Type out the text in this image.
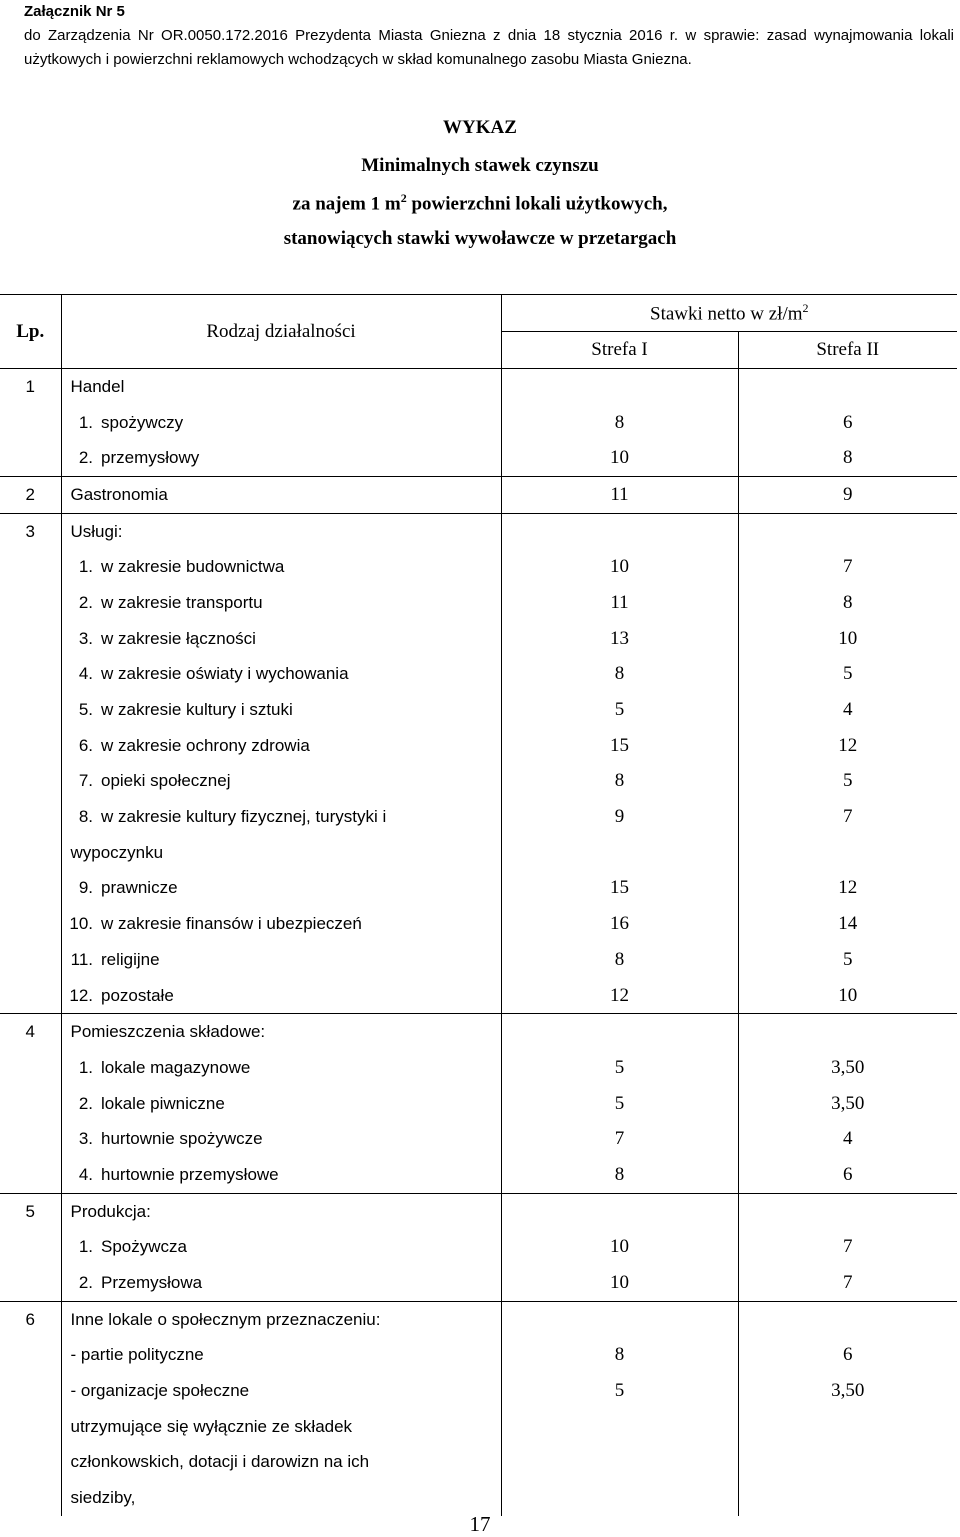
Załącznik Nr 5
do Zarządzenia Nr OR.0050.172.2016 Prezydenta Miasta Gniezna z dnia 18 stycznia 2016 r. w sprawie: zasad wynajmowania lokali
użytkowych i powierzchni reklamowych wchodzących w skład komunalnego zasobu Miasta Gniezna.
WYKAZ
Minimalnych stawek czynszu
za najem 1 $m^2$ powierzchni lokali użytkowych,
stanowiących stawki wywoławcze w przetargach
Lp.	Rodzaj działalności		Stawki netto w $zł/m^2$
			Strefa I	Strefa II
1	Handel			
	1.	spożywczy	8	6
	2.	przemysłowy	10	8
2	Gastronomia		11	9
3	Usługi:			
	1.	w zakresie budownictwa	10	7
	2.	w zakresie transportu	11	8
	3.	w zakresie łączności	13	10
	4.	w zakresie oświaty i wychowania	8	5
	5.	w zakresie kultury i sztuki	5	4
	6.	w zakresie ochrony zdrowia	15	12
	7.	opieki społecznej	8	5
	8.	w zakresie kultury fizycznej, turystyki i	9	7
	wypoczynku			
	9.	prawnicze	15	12
	10.	w zakresie finansów i ubezpieczeń	16	14
	11.	religijne	8	5
	12.	pozostałe	12	10
4	Pomieszczenia składowe:			
	1.	lokale magazynowe	5	3,50
	2.	lokale piwniczne	5	3,50
	3.	hurtownie spożywcze	7	4
	4.	hurtownie przemysłowe	8	6
5	Produkcja:			
	1.	Spożywcza	10	7
	2.	Przemysłowa	10	7
6	Inne lokale o społecznym przeznaczeniu:			
	- partie polityczne		8	6
	- organizacje społeczne		5	3,50
	utrzymujące się wyłącznie ze składek			
	członkowskich, dotacji i darowizn na ich			
	siedziby,			
17
